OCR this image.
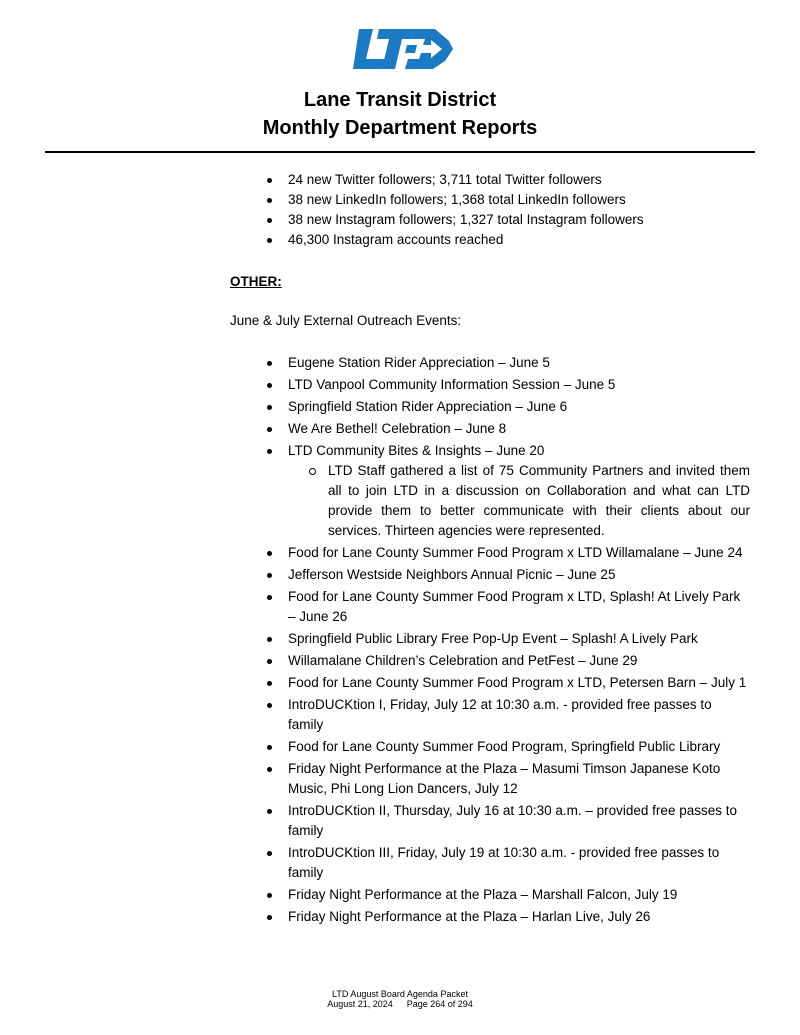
Lane Transit District
Monthly Department Reports
24 new Twitter followers; 3,711 total Twitter followers
38 new LinkedIn followers; 1,368 total LinkedIn followers
38 new Instagram followers; 1,327 total Instagram followers
46,300 Instagram accounts reached
OTHER:
June & July External Outreach Events:
Eugene Station Rider Appreciation – June 5
LTD Vanpool Community Information Session – June 5
Springfield Station Rider Appreciation – June 6
We Are Bethel! Celebration – June 8
LTD Community Bites & Insights – June 20
LTD Staff gathered a list of 75 Community Partners and invited them all to join LTD in a discussion on Collaboration and what can LTD provide them to better communicate with their clients about our services. Thirteen agencies were represented.
Food for Lane County Summer Food Program x LTD Willamalane – June 24
Jefferson Westside Neighbors Annual Picnic – June 25
Food for Lane County Summer Food Program x LTD, Splash! At Lively Park – June 26
Springfield Public Library Free Pop-Up Event – Splash! A Lively Park
Willamalane Children’s Celebration and PetFest – June 29
Food for Lane County Summer Food Program x LTD, Petersen Barn – July 1
IntroDUCKtion I, Friday, July 12 at 10:30 a.m. - provided free passes to family
Food for Lane County Summer Food Program, Springfield Public Library
Friday Night Performance at the Plaza – Masumi Timson Japanese Koto Music, Phi Long Lion Dancers, July 12
IntroDUCKtion II, Thursday, July 16 at 10:30 a.m. – provided free passes to family
IntroDUCKtion III, Friday, July 19 at 10:30 a.m. - provided free passes to family
Friday Night Performance at the Plaza – Marshall Falcon, July 19
Friday Night Performance at the Plaza – Harlan Live, July 26
LTD August Board Agenda Packet
August 21, 2024 Page 264 of 294
